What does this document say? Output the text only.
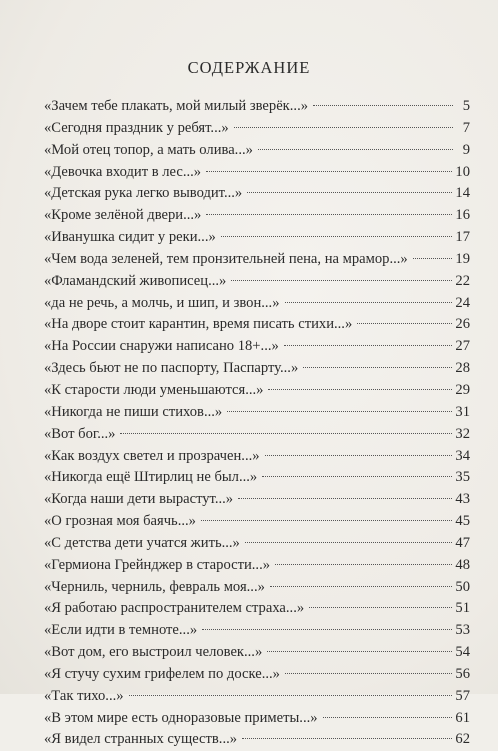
СОДЕРЖАНИЕ
«Зачем тебе плакать, мой милый зверёк...»	5
«Сегодня праздник у ребят...»	7
«Мой отец топор, а мать олива...»	9
«Девочка входит в лес...»	10
«Детская рука легко выводит...»	14
«Кроме зелёной двери...»	16
«Иванушка сидит у реки...»	17
«Чем вода зеленей, тем пронзительней пена, на мрамор...»	19
«Фламандский живописец...»	22
«да не речь, а молчь, и шип, и звон...»	24
«На дворе стоит карантин, время писать стихи...»	26
«На России снаружи написано 18+...»	27
«Здесь бьют не по паспорту, Паспарту...»	28
«К старости люди уменьшаются...»	29
«Никогда не пиши стихов...»	31
«Вот бог...»	32
«Как воздух светел и прозрачен...»	34
«Никогда ещё Штирлиц не был...»	35
«Когда наши дети вырастут...»	43
«О грозная моя баячь...»	45
«С детства дети учатся жить...»	47
«Гермиона Грейнджер в старости...»	48
«Черниль, черниль, февраль моя...»	50
«Я работаю распространителем страха...»	51
«Если идти в темноте...»	53
«Вот дом, его выстроил человек...»	54
«Я стучу сухим грифелем по доске...»	56
«Так тихо...»	57
«В этом мире есть одноразовые приметы...»	61
«Я видел странных существ...»	62
